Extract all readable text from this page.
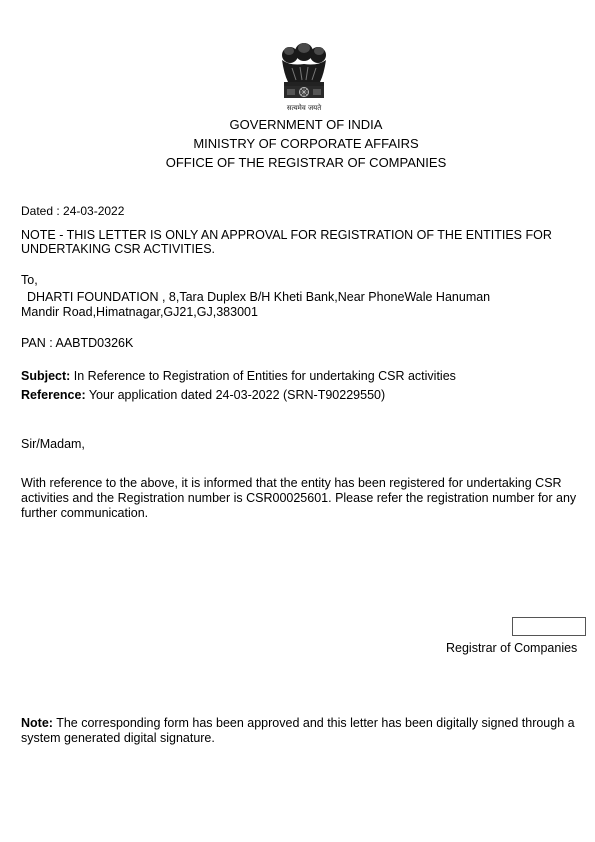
सत्यमेव जयते
GOVERNMENT OF INDIA
MINISTRY OF CORPORATE AFFAIRS
OFFICE OF THE REGISTRAR OF COMPANIES
Dated : 24-03-2022
NOTE - THIS LETTER IS ONLY AN APPROVAL FOR REGISTRATION OF THE ENTITIES FOR UNDERTAKING CSR ACTIVITIES.
To,
DHARTI FOUNDATION , 8,Tara Duplex B/H Kheti Bank,Near PhoneWale Hanuman
Mandir Road,Himatnagar,GJ21,GJ,383001
PAN : AABTD0326K
Subject: In Reference to Registration of Entities for undertaking CSR activities
Reference: Your application dated 24-03-2022 (SRN-T90229550)
Sir/Madam,
With reference to the above, it is informed that the entity has been registered for undertaking CSR activities and the Registration number is CSR00025601. Please refer the registration number for any further communication.
Registrar of Companies
Note: The corresponding form has been approved and this letter has been digitally signed through a system generated digital signature.
